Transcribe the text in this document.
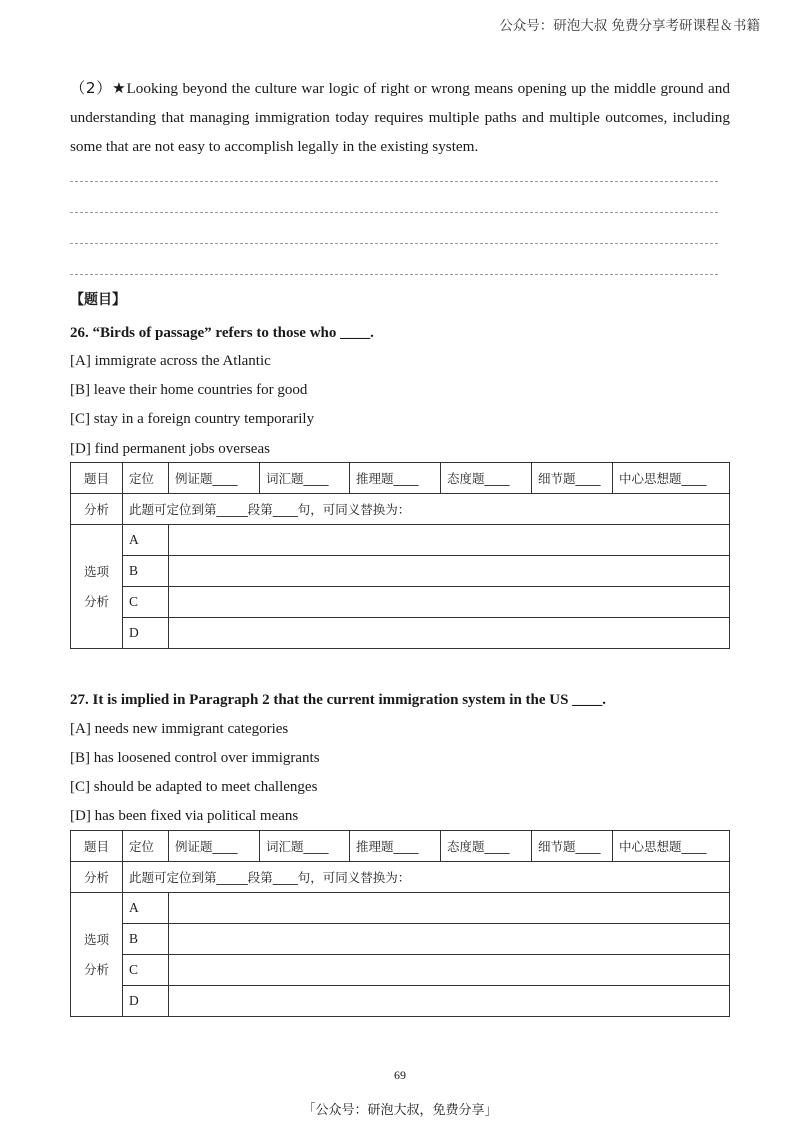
公众号：研泡大叔 免费分享考研课程＆书籍
（2）★Looking beyond the culture war logic of right or wrong means opening up the middle ground and understanding that managing immigration today requires multiple paths and multiple outcomes, including some that are not easy to accomplish legally in the existing system.
【题目】
26. “Birds of passage” refers to those who ____.
[A] immigrate across the Atlantic
[B] leave their home countries for good
[C] stay in a foreign country temporarily
[D] find permanent jobs overseas
题目	定位	例证题____	词汇题____	推理题____	态度题____	细节题____	中心思想题____
分析	此题可定位到第_____段第____句，可同义替换为：						

选项
分析	A						
	B						
	C						
	D						
27. It is implied in Paragraph 2 that the current immigration system in the US ____.
[A] needs new immigrant categories
[B] has loosened control over immigrants
[C] should be adapted to meet challenges
[D] has been fixed via political means
题目	定位	例证题____	词汇题____	推理题____	态度题____	细节题____	中心思想题____
分析	此题可定位到第_____段第____句，可同义替换为：						

选项
分析	A						
	B						
	C						
	D						
69
「公众号：研泡大叔，免费分享」
